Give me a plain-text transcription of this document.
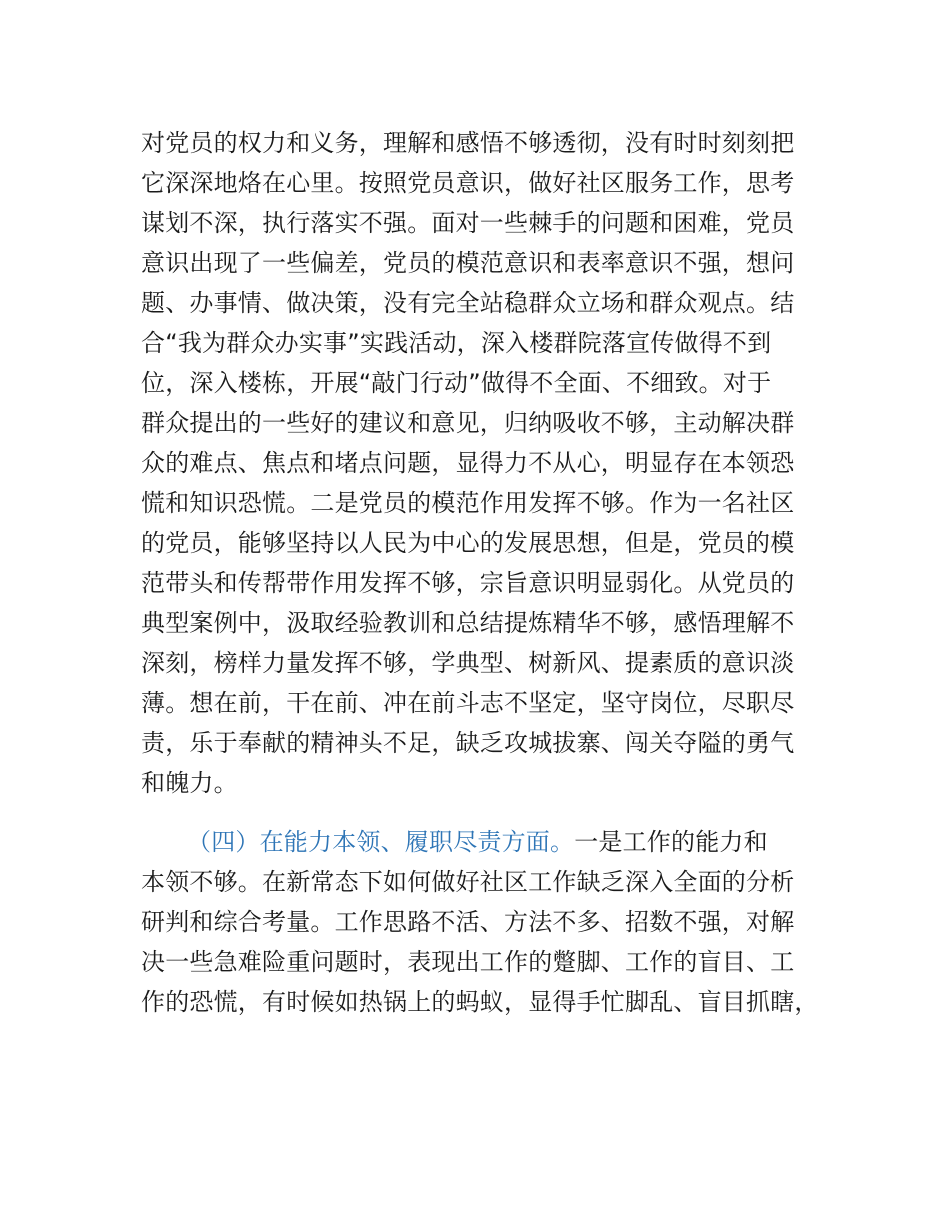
对党员的权力和义务，理解和感悟不够透彻，没有时时刻刻把
它深深地烙在心里。按照党员意识，做好社区服务工作，思考
谋划不深，执行落实不强。面对一些棘手的问题和困难，党员
意识出现了一些偏差，党员的模范意识和表率意识不强，想问
题、办事情、做决策，没有完全站稳群众立场和群众观点。结
合“我为群众办实事”实践活动，深入楼群院落宣传做得不到
位，深入楼栋，开展“敲门行动”做得不全面、不细致。对于
群众提出的一些好的建议和意见，归纳吸收不够，主动解决群
众的难点、焦点和堵点问题，显得力不从心，明显存在本领恐
慌和知识恐慌。二是党员的模范作用发挥不够。作为一名社区
的党员，能够坚持以人民为中心的发展思想，但是，党员的模
范带头和传帮带作用发挥不够，宗旨意识明显弱化。从党员的
典型案例中，汲取经验教训和总结提炼精华不够，感悟理解不
深刻，榜样力量发挥不够，学典型、树新风、提素质的意识淡
薄。想在前，干在前、冲在前斗志不坚定，坚守岗位，尽职尽
责，乐于奉献的精神头不足，缺乏攻城拔寨、闯关夺隘的勇气
和魄力。
（四）在能力本领、履职尽责方面。一是工作的能力和
本领不够。在新常态下如何做好社区工作缺乏深入全面的分析
研判和综合考量。工作思路不活、方法不多、招数不强，对解
决一些急难险重问题时，表现出工作的蹩脚、工作的盲目、工
作的恐慌，有时候如热锅上的蚂蚁，显得手忙脚乱、盲目抓瞎，
